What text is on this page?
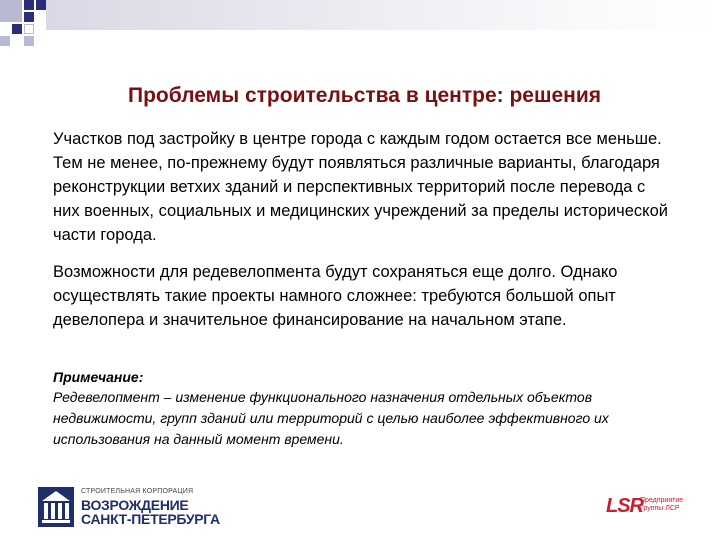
Проблемы строительства в центре: решения
Участков под застройку в центре города с каждым годом остается все меньше. Тем не менее, по-прежнему будут появляться различные варианты, благодаря реконструкции ветхих зданий и перспективных территорий после перевода с них военных, социальных и медицинских учреждений за пределы исторической части города.
Возможности для редевелопмента будут сохраняться еще долго. Однако осуществлять такие проекты намного сложнее: требуются большой опыт девелопера и значительное финансирование на начальном этапе.
Примечание:
Редевелопмент – изменение функционального назначения отдельных объектов недвижимости, групп зданий или территорий с целью наиболее эффективного их использования на данный момент времени.
СТРОИТЕЛЬНАЯ КОРПОРАЦИЯ
ВОЗРОЖДЕНИЕ
САНКТ-ПЕТЕРБУРГА
LSR
Предприятие Группы ЛСР
